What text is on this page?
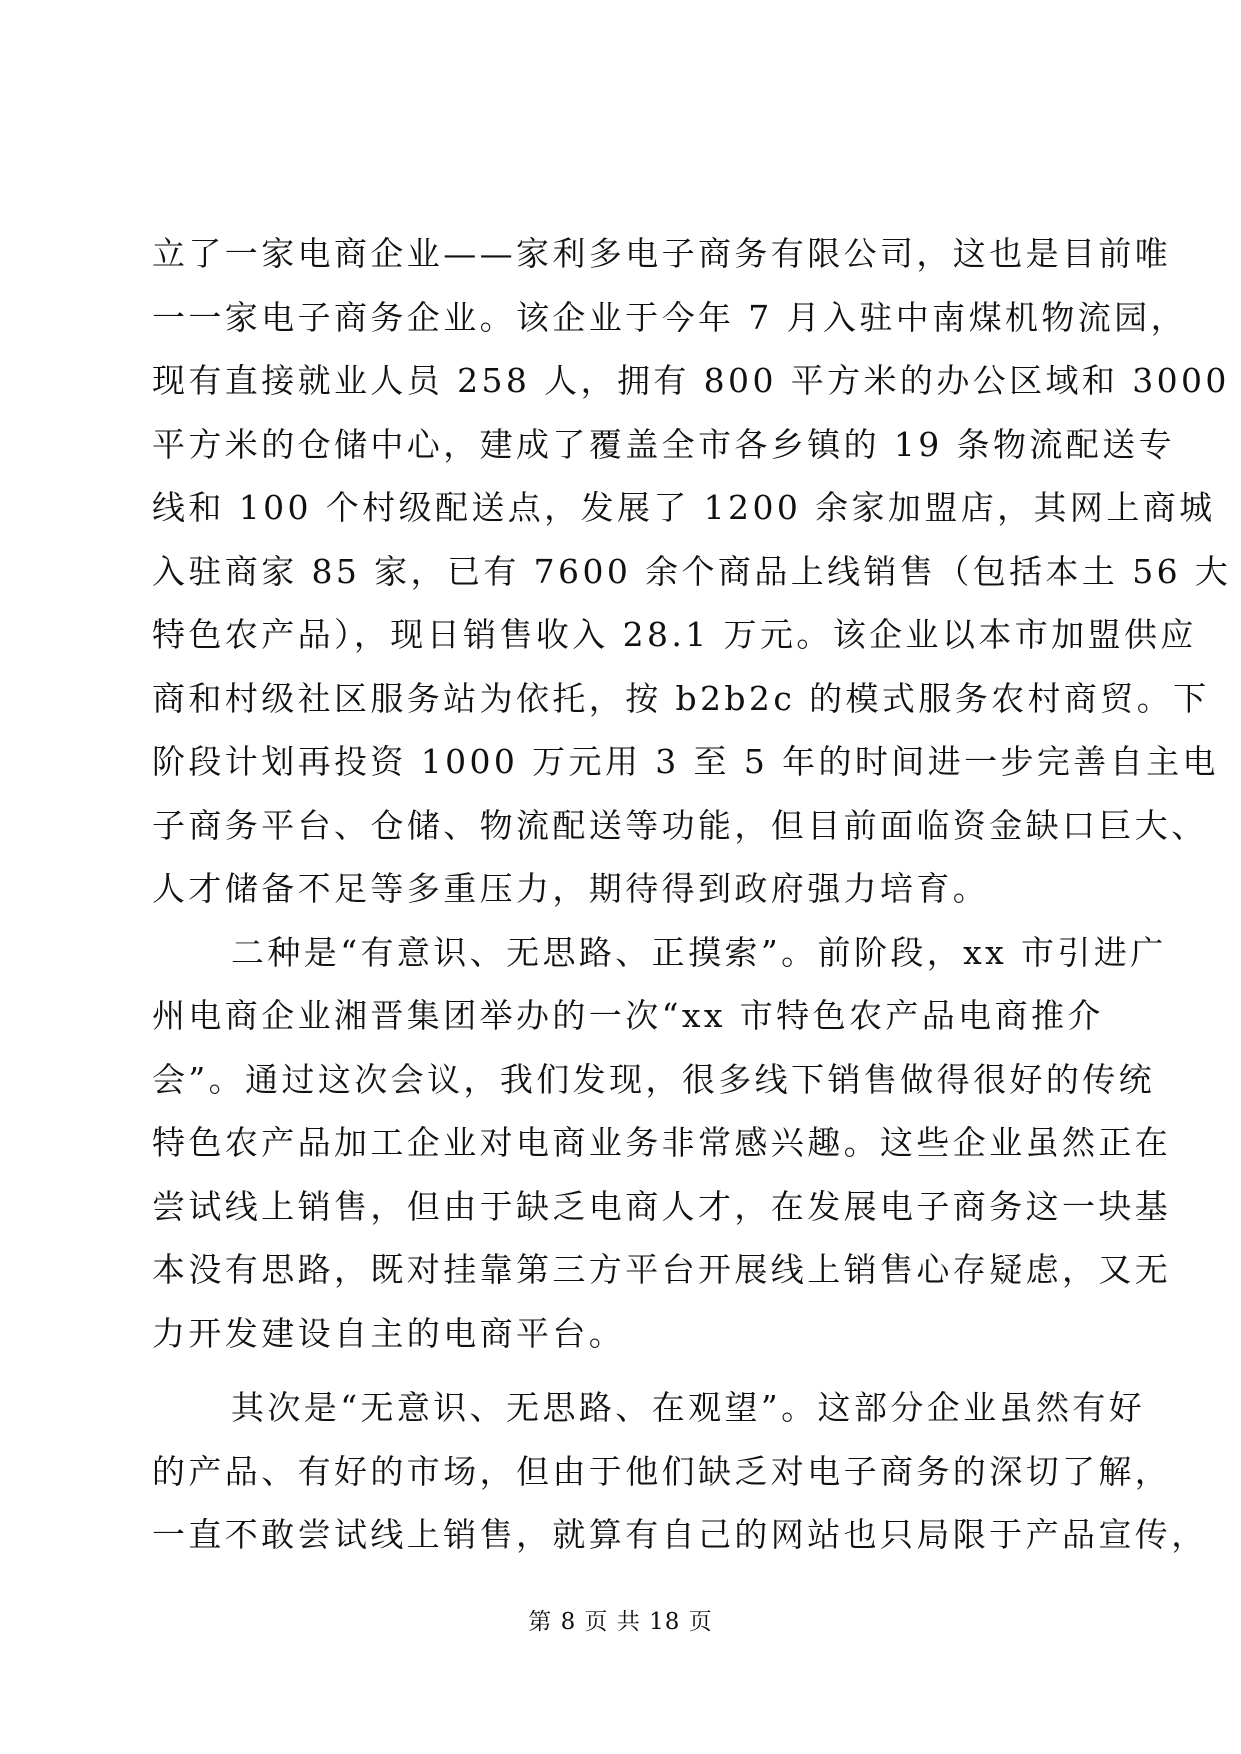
立了一家电商企业——家利多电子商务有限公司，这也是目前唯
一一家电子商务企业。该企业于今年 7 月入驻中南煤机物流园，
现有直接就业人员 258 人，拥有 800 平方米的办公区域和 3000
平方米的仓储中心，建成了覆盖全市各乡镇的 19 条物流配送专
线和 100 个村级配送点，发展了 1200 余家加盟店，其网上商城
入驻商家 85 家，已有 7600 余个商品上线销售（包括本土 56 大
特色农产品），现日销售收入 28.1 万元。该企业以本市加盟供应
商和村级社区服务站为依托，按 b2b2c 的模式服务农村商贸。下
阶段计划再投资 1000 万元用 3 至 5 年的时间进一步完善自主电
子商务平台、仓储、物流配送等功能，但目前面临资金缺口巨大、
人才储备不足等多重压力，期待得到政府强力培育。
二种是“有意识、无思路、正摸索”。前阶段，xx 市引进广
州电商企业湘晋集团举办的一次“xx 市特色农产品电商推介
会”。通过这次会议，我们发现，很多线下销售做得很好的传统
特色农产品加工企业对电商业务非常感兴趣。这些企业虽然正在
尝试线上销售，但由于缺乏电商人才，在发展电子商务这一块基
本没有思路，既对挂靠第三方平台开展线上销售心存疑虑，又无
力开发建设自主的电商平台。
其次是“无意识、无思路、在观望”。这部分企业虽然有好
的产品、有好的市场，但由于他们缺乏对电子商务的深切了解，
一直不敢尝试线上销售，就算有自己的网站也只局限于产品宣传，
第 8 页 共 18 页
